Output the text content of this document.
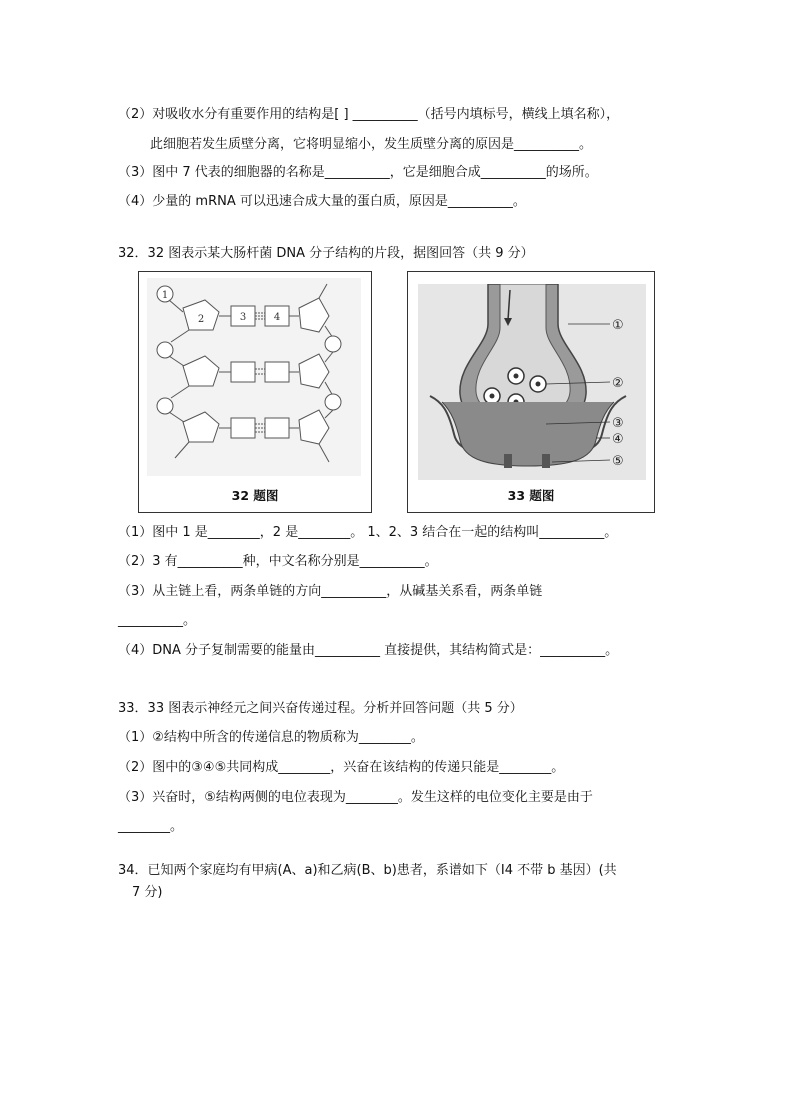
（2）对吸收水分有重要作用的结构是[ ] __________（括号内填标号，横线上填名称），
此细胞若发生质壁分离，它将明显缩小，发生质壁分离的原因是__________。
（3）图中 7 代表的细胞器的名称是__________，它是细胞合成__________的场所。
（4）少量的 mRNA 可以迅速合成大量的蛋白质，原因是__________。
32．32 图表示某大肠杆菌 DNA 分子结构的片段，据图回答（共 9 分）
1
2	3	4
32 题图
①
②
③
④
⑤
33 题图
（1）图中 1 是________，2 是________。 1、2、3 结合在一起的结构叫__________。
（2）3 有__________种，中文名称分别是__________。
（3）从主链上看，两条单链的方向__________，从碱基关系看，两条单链
__________。
（4）DNA 分子复制需要的能量由__________ 直接提供，其结构简式是：__________。
33．33 图表示神经元之间兴奋传递过程。分析并回答问题（共 5 分）
（1）②结构中所含的传递信息的物质称为________。
（2）图中的③④⑤共同构成________，兴奋在该结构的传递只能是________。
（3）兴奋时，⑤结构两侧的电位表现为________。发生这样的电位变化主要是由于
________。
34．已知两个家庭均有甲病(A、a)和乙病(B、b)患者，系谱如下（Ⅰ4 不带 b 基因）(共
7 分)
